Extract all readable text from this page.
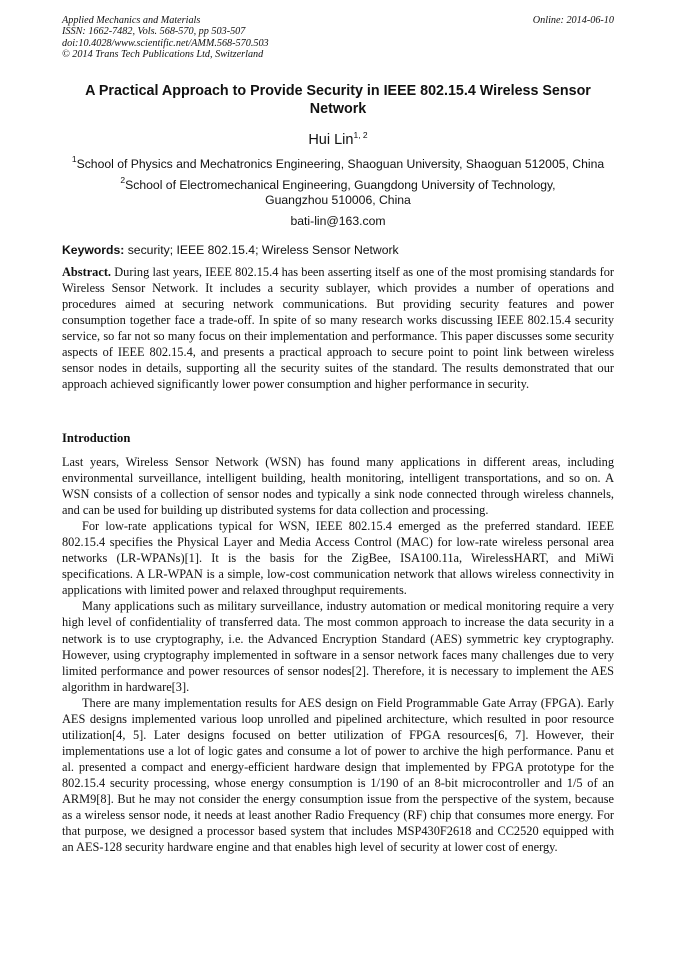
Applied Mechanics and Materials
ISSN: 1662-7482, Vols. 568-570, pp 503-507
doi:10.4028/www.scientific.net/AMM.568-570.503
© 2014 Trans Tech Publications Ltd, Switzerland
Online: 2014-06-10
A Practical Approach to Provide Security in IEEE 802.15.4 Wireless Sensor Network
Hui Lin$^{1, 2}$
$^1$School of Physics and Mechatronics Engineering, Shaoguan University, Shaoguan 512005, China
$^2$School of Electromechanical Engineering, Guangdong University of Technology, Guangzhou 510006, China
bati-lin@163.com
Keywords: security; IEEE 802.15.4; Wireless Sensor Network
Abstract. During last years, IEEE 802.15.4 has been asserting itself as one of the most promising standards for Wireless Sensor Network. It includes a security sublayer, which provides a number of operations and procedures aimed at securing network communications. But providing security features and power consumption together face a trade-off. In spite of so many research works discussing IEEE 802.15.4 security service, so far not so many focus on their implementation and performance. This paper discusses some security aspects of IEEE 802.15.4, and presents a practical approach to secure point to point link between wireless sensor nodes in details, supporting all the security suites of the standard. The results demonstrated that our approach achieved significantly lower power consumption and higher performance in security.
Introduction

Last years, Wireless Sensor Network (WSN) has found many applications in different areas, including environmental surveillance, intelligent building, health monitoring, intelligent transportations, and so on. A WSN consists of a collection of sensor nodes and typically a sink node connected through wireless channels, and can be used for building up distributed systems for data collection and processing.

For low-rate applications typical for WSN, IEEE 802.15.4 emerged as the preferred standard. IEEE 802.15.4 specifies the Physical Layer and Media Access Control (MAC) for low-rate wireless personal area networks (LR-WPANs)[1]. It is the basis for the ZigBee, ISA100.11a, WirelessHART, and MiWi specifications. A LR-WPAN is a simple, low-cost communication network that allows wireless connectivity in applications with limited power and relaxed throughput requirements.

Many applications such as military surveillance, industry automation or medical monitoring require a very high level of confidentiality of transferred data. The most common approach to increase the data security in a network is to use cryptography, i.e. the Advanced Encryption Standard (AES) symmetric key cryptography. However, using cryptography implemented in software in a sensor network faces many challenges due to very limited performance and power resources of sensor nodes[2]. Therefore, it is necessary to implement the AES algorithm in hardware[3].

There are many implementation results for AES design on Field Programmable Gate Array (FPGA). Early AES designs implemented various loop unrolled and pipelined architecture, which resulted in poor resource utilization[4, 5]. Later designs focused on better utilization of FPGA resources[6, 7]. However, their implementations use a lot of logic gates and consume a lot of power to archive the high performance. Panu et al. presented a compact and energy-efficient hardware design that implemented by FPGA prototype for the 802.15.4 security processing, whose energy consumption is 1/190 of an 8-bit microcontroller and 1/5 of an ARM9[8]. But he may not consider the energy consumption issue from the perspective of the system, because as a wireless sensor node, it needs at least another Radio Frequency (RF) chip that consumes more energy. For that purpose, we designed a processor based system that includes MSP430F2618 and CC2520 equipped with an AES-128 security hardware engine and that enables high level of security at lower cost of energy.
